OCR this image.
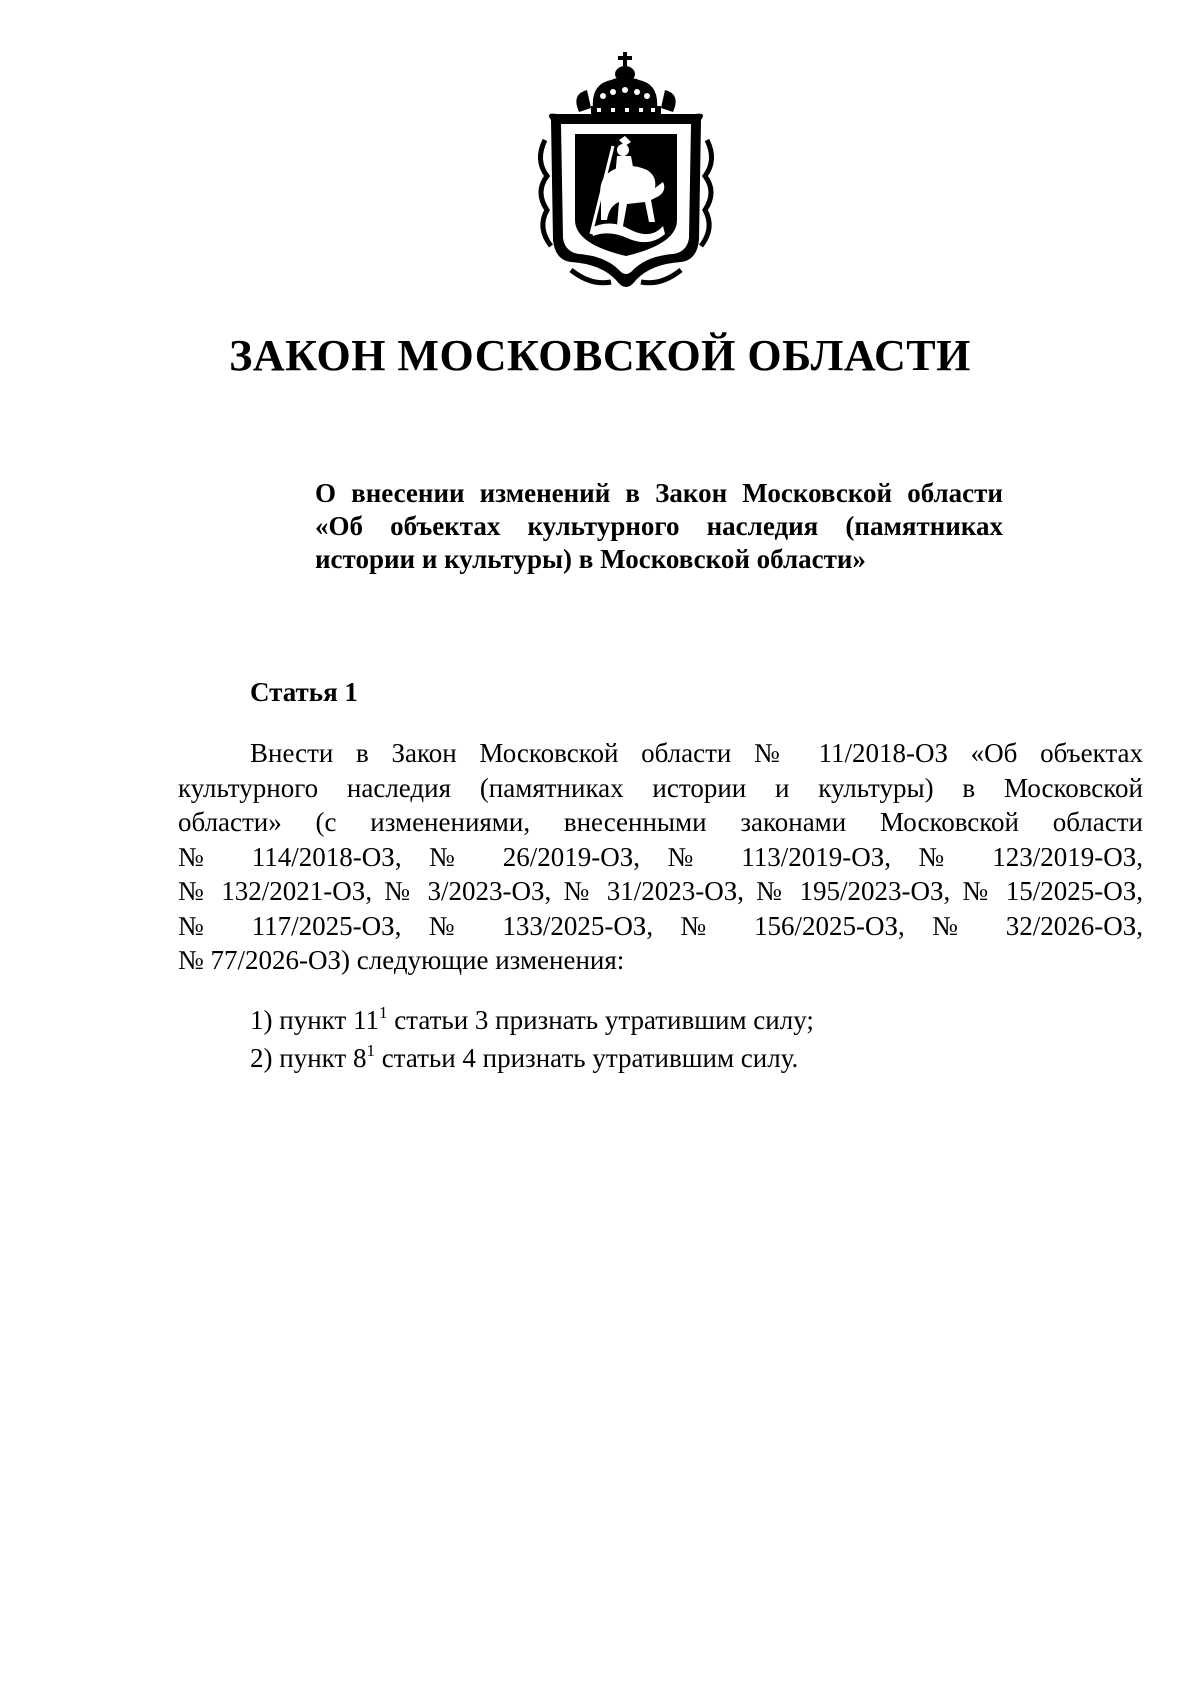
ЗАКОН МОСКОВСКОЙ ОБЛАСТИ
О внесении изменений в Закон Московской области
«Об объектах культурного наследия (памятниках
истории и культуры) в Московской области»
Статья 1
Внести в Закон Московской области № 11/2018-ОЗ «Об объектах
культурного наследия (памятниках истории и культуры) в Московской
области» (с изменениями, внесенными законами Московской области
№ 114/2018-ОЗ, № 26/2019-ОЗ, № 113/2019-ОЗ, № 123/2019-ОЗ,
№ 132/2021-ОЗ, № 3/2023-ОЗ, № 31/2023-ОЗ, № 195/2023-ОЗ, № 15/2025-ОЗ,
№ 117/2025-ОЗ, № 133/2025-ОЗ, № 156/2025-ОЗ, № 32/2026-ОЗ,
№ 77/2026-ОЗ) следующие изменения:
1) пункт $11^1$ статьи 3 признать утратившим силу;
2) пункт $8^1$ статьи 4 признать утратившим силу.
